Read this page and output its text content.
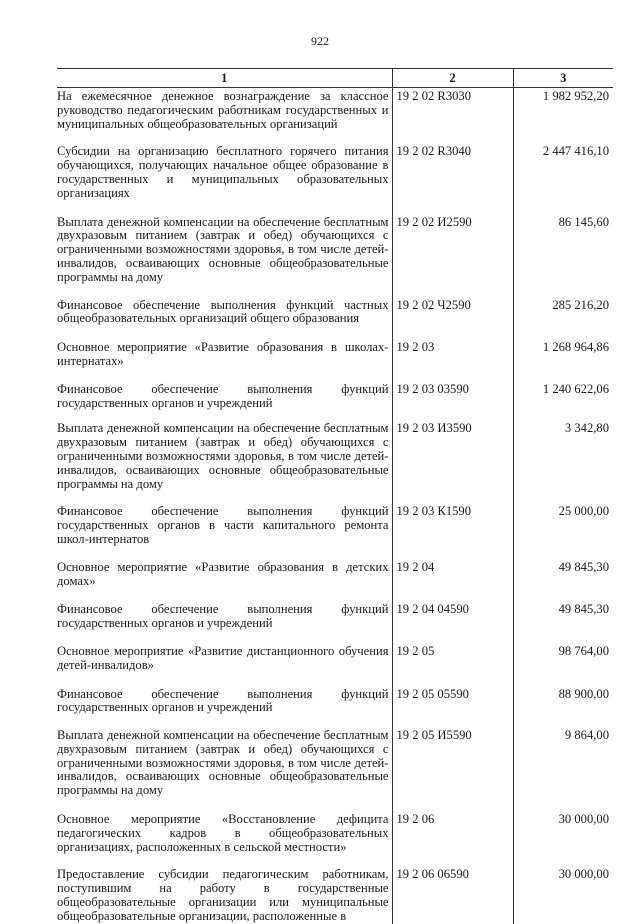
922
1	2	3
На ежемесячное денежное вознаграждение за классное руководство педагогическим работникам государственных и муниципальных общеобразовательных организаций	19 2 02 R3030	1 982 952,20
Субсидии на организацию бесплатного горячего питания обучающихся, получающих начальное общее образование в государственных и муниципальных образовательных организациях	19 2 02 R3040	2 447 416,10
Выплата денежной компенсации на обеспечение бесплатным двухразовым питанием (завтрак и обед) обучающихся с ограниченными возможностями здоровья, в том числе детей-инвалидов, осваивающих основные общеобразовательные программы на дому	19 2 02 И2590	86 145,60
Финансовое обеспечение выполнения функций частных общеобразовательных организаций общего образования	19 2 02 Ч2590	285 216,20
Основное мероприятие «Развитие образования в школах-интернатах»	19 2 03	1 268 964,86
Финансовое обеспечение выполнения функций государственных органов и учреждений	19 2 03 03590	1 240 622,06
Выплата денежной компенсации на обеспечение бесплатным двухразовым питанием (завтрак и обед) обучающихся с ограниченными возможностями здоровья, в том числе детей-инвалидов, осваивающих основные общеобразовательные программы на дому	19 2 03 И3590	3 342,80
Финансовое обеспечение выполнения функций государственных органов в части капитального ремонта школ-интернатов	19 2 03 К1590	25 000,00
Основное мероприятие «Развитие образования в детских домах»	19 2 04	49 845,30
Финансовое обеспечение выполнения функций государственных органов и учреждений	19 2 04 04590	49 845,30
Основное мероприятие «Развитие дистанционного обучения детей-инвалидов»	19 2 05	98 764,00
Финансовое обеспечение выполнения функций государственных органов и учреждений	19 2 05 05590	88 900,00
Выплата денежной компенсации на обеспечение бесплатным двухразовым питанием (завтрак и обед) обучающихся с ограниченными возможностями здоровья, в том числе детей-инвалидов, осваивающих основные общеобразовательные программы на дому	19 2 05 И5590	9 864,00
Основное мероприятие «Восстановление дефицита педагогических кадров в общеобразовательных организациях, расположенных в сельской местности»	19 2 06	30 000,00
Предоставление субсидии педагогическим работникам, поступившим на работу в государственные общеобразовательные организации или муниципальные общеобразовательные организации, расположенные в	19 2 06 06590	30 000,00
